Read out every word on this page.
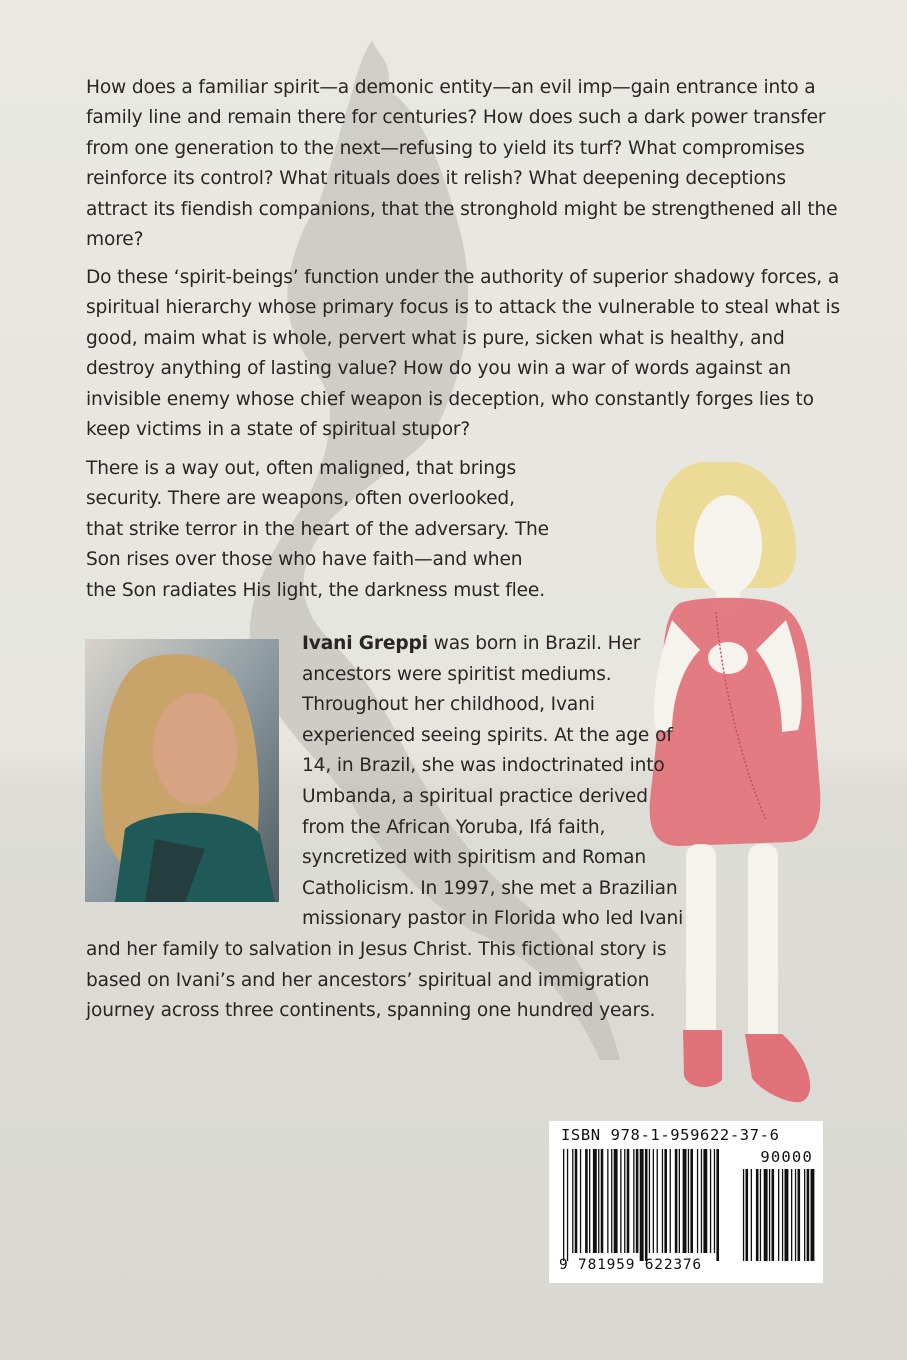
How does a familiar spirit—a demonic entity—an evil imp—gain entrance into a family line and remain there for centuries? How does such a dark power transfer from one generation to the next—refusing to yield its turf? What compromises reinforce its control? What rituals does it relish? What deepening deceptions attract its fiendish companions, that the stronghold might be strengthened all the more?

Do these ‘spirit-beings’ function under the authority of superior shadowy forces, a spiritual hierarchy whose primary focus is to attack the vulnerable to steal what is good, maim what is whole, pervert what is pure, sicken what is healthy, and destroy anything of lasting value? How do you win a war of words against an invisible enemy whose chief weapon is deception, who constantly forges lies to keep victims in a state of spiritual stupor?

There is a way out, often maligned, that brings security. There are weapons, often overlooked, that strike terror in the heart of the adversary. The Son rises over those who have faith—and when the Son radiates His light, the darkness must flee.

Ivani Greppi was born in Brazil. Her ancestors were spiritist mediums. Throughout her childhood, Ivani experienced seeing spirits. At the age of 14, in Brazil, she was indoctrinated into Umbanda, a spiritual practice derived from the African Yoruba, Ifá faith, syncretized with spiritism and Roman Catholicism. In 1997, she met a Brazilian missionary pastor in Florida who led Ivani and her family to salvation in Jesus Christ. This fictional story is based on Ivani’s and her ancestors’ spiritual and immigration journey across three continents, spanning one hundred years.

ISBN 978-1-959622-37-6
90000
9 781959 622376
